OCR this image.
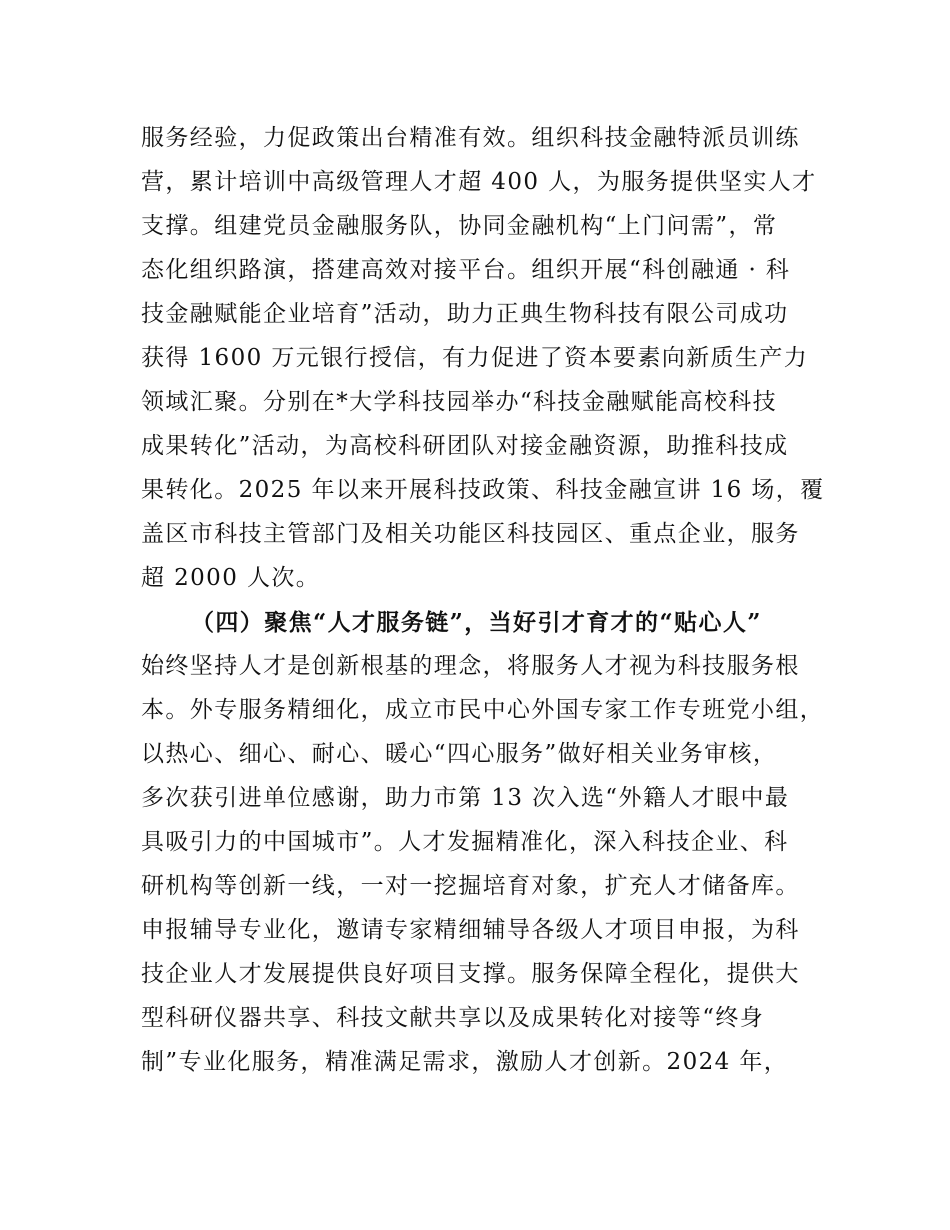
服务经验，力促政策出台精准有效。组织科技金融特派员训练
营，累计培训中高级管理人才超 400 人，为服务提供坚实人才
支撑。组建党员金融服务队，协同金融机构“上门问需”，常
态化组织路演，搭建高效对接平台。组织开展“科创融通 · 科
技金融赋能企业培育”活动，助力正典生物科技有限公司成功
获得 1600 万元银行授信，有力促进了资本要素向新质生产力
领域汇聚。分别在*大学科技园举办“科技金融赋能高校科技
成果转化”活动，为高校科研团队对接金融资源，助推科技成
果转化。2025 年以来开展科技政策、科技金融宣讲 16 场，覆
盖区市科技主管部门及相关功能区科技园区、重点企业，服务
超 2000 人次。
（四）聚焦“人才服务链”，当好引才育才的“贴心人”
始终坚持人才是创新根基的理念，将服务人才视为科技服务根
本。外专服务精细化，成立市民中心外国专家工作专班党小组，
以热心、细心、耐心、暖心“四心服务”做好相关业务审核，
多次获引进单位感谢，助力市第 13 次入选“外籍人才眼中最
具吸引力的中国城市”。人才发掘精准化，深入科技企业、科
研机构等创新一线，一对一挖掘培育对象，扩充人才储备库。
申报辅导专业化，邀请专家精细辅导各级人才项目申报，为科
技企业人才发展提供良好项目支撑。服务保障全程化，提供大
型科研仪器共享、科技文献共享以及成果转化对接等“终身
制”专业化服务，精准满足需求，激励人才创新。2024 年，
